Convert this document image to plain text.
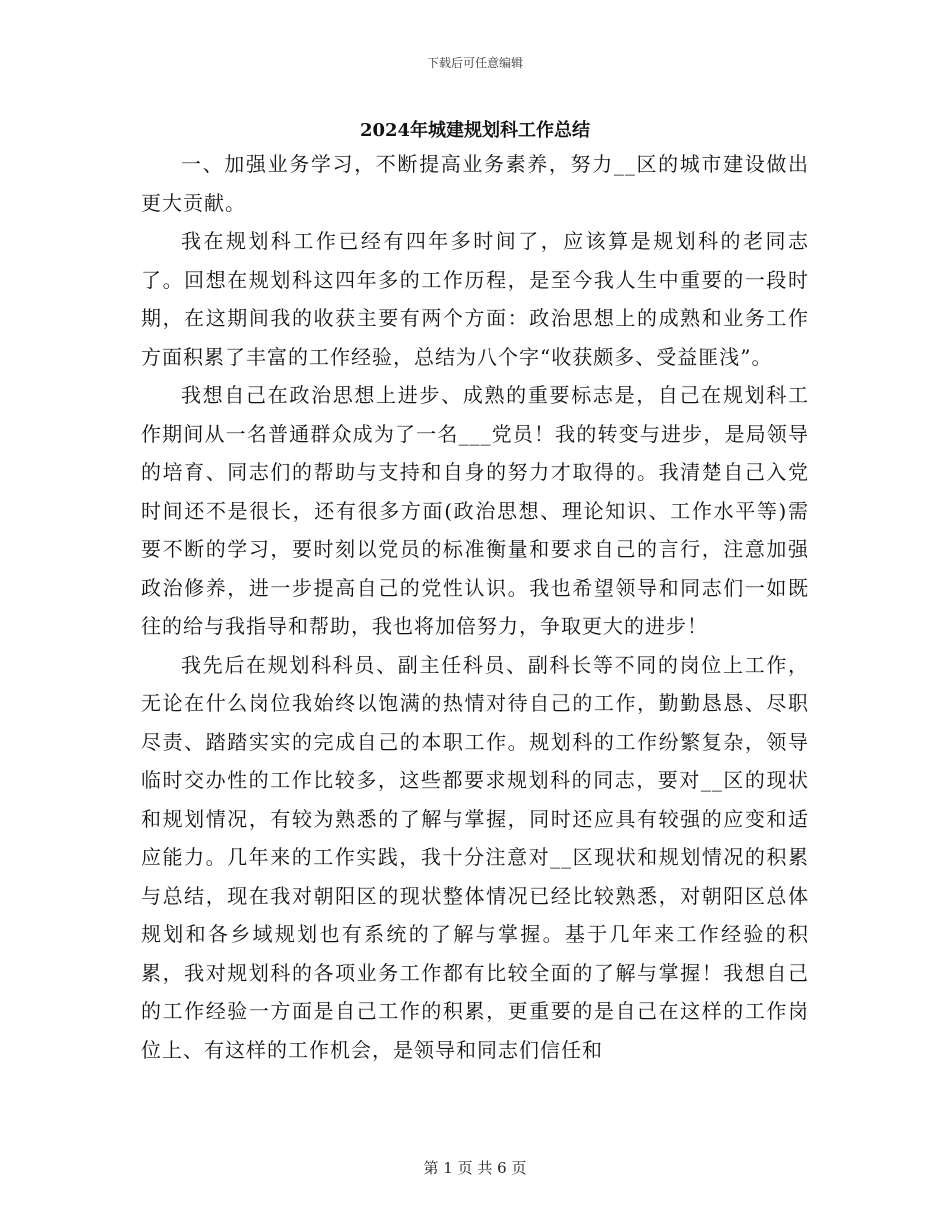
下载后可任意编辑
2024年城建规划科工作总结

一、加强业务学习，不断提高业务素养，努力__区的城市建设做出更大贡献。

我在规划科工作已经有四年多时间了，应该算是规划科的老同志了。回想在规划科这四年多的工作历程，是至今我人生中重要的一段时期，在这期间我的收获主要有两个方面：政治思想上的成熟和业务工作方面积累了丰富的工作经验，总结为八个字“收获颇多、受益匪浅”。

我想自己在政治思想上进步、成熟的重要标志是，自己在规划科工作期间从一名普通群众成为了一名___党员！我的转变与进步，是局领导的培育、同志们的帮助与支持和自身的努力才取得的。我清楚自己入党时间还不是很长，还有很多方面(政治思想、理论知识、工作水平等)需要不断的学习，要时刻以党员的标准衡量和要求自己的言行，注意加强政治修养，进一步提高自己的党性认识。我也希望领导和同志们一如既往的给与我指导和帮助，我也将加倍努力，争取更大的进步！

我先后在规划科科员、副主任科员、副科长等不同的岗位上工作，无论在什么岗位我始终以饱满的热情对待自己的工作，勤勤恳恳、尽职尽责、踏踏实实的完成自己的本职工作。规划科的工作纷繁复杂，领导临时交办性的工作比较多，这些都要求规划科的同志，要对__区的现状和规划情况，有较为熟悉的了解与掌握，同时还应具有较强的应变和适应能力。几年来的工作实践，我十分注意对__区现状和规划情况的积累与总结，现在我对朝阳区的现状整体情况已经比较熟悉，对朝阳区总体规划和各乡域规划也有系统的了解与掌握。基于几年来工作经验的积累，我对规划科的各项业务工作都有比较全面的了解与掌握！我想自己的工作经验一方面是自己工作的积累，更重要的是自己在这样的工作岗位上、有这样的工作机会，是领导和同志们信任和

第 1 页 共 6 页
